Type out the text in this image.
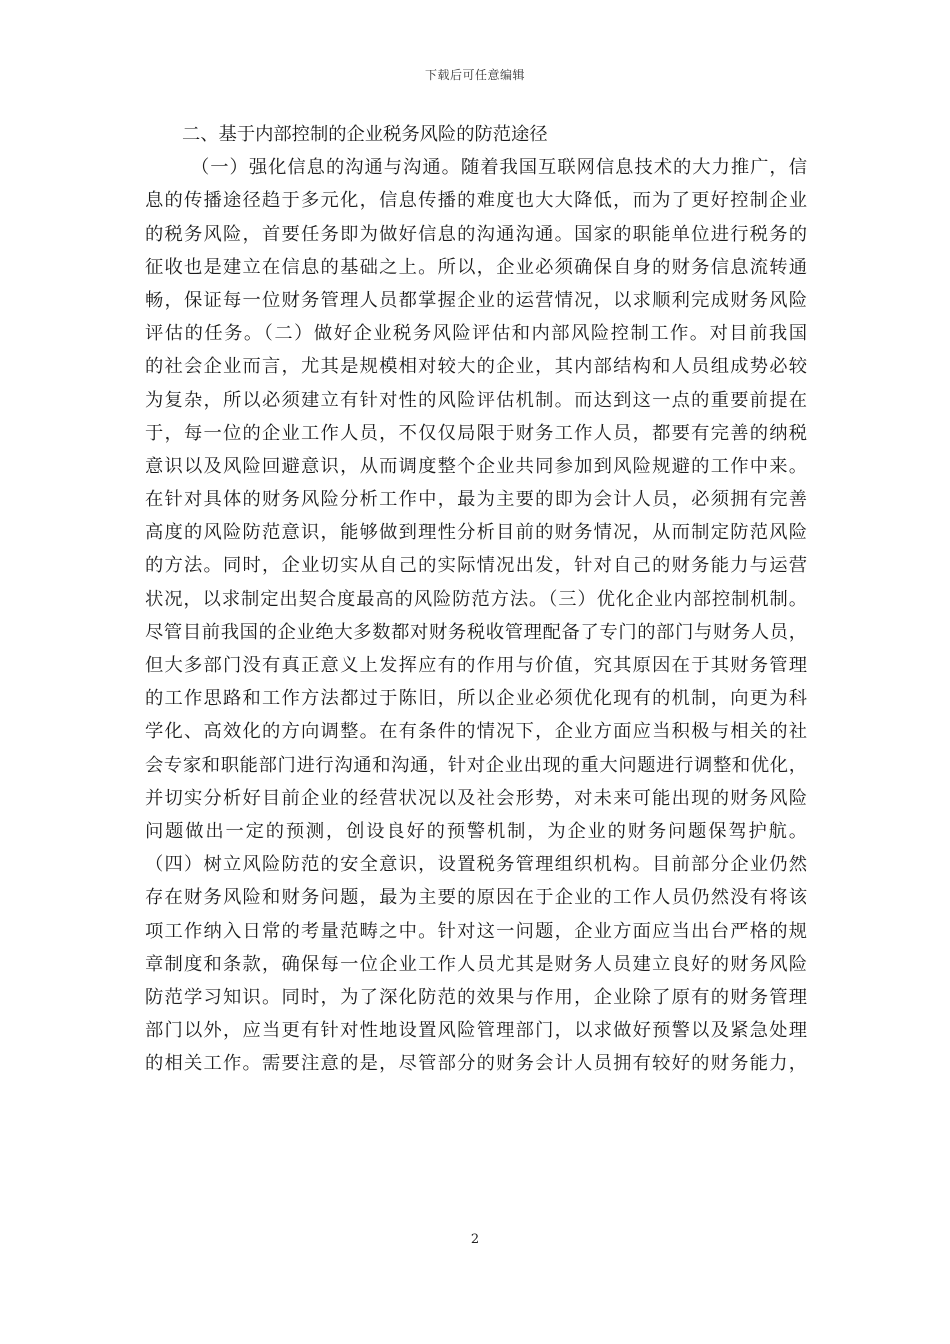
下载后可任意编辑
二、基于内部控制的企业税务风险的防范途径
（一）强化信息的沟通与沟通。随着我国互联网信息技术的大力推广，信
息的传播途径趋于多元化，信息传播的难度也大大降低，而为了更好控制企业
的税务风险，首要任务即为做好信息的沟通沟通。国家的职能单位进行税务的
征收也是建立在信息的基础之上。所以，企业必须确保自身的财务信息流转通
畅，保证每一位财务管理人员都掌握企业的运营情况，以求顺利完成财务风险
评估的任务。（二）做好企业税务风险评估和内部风险控制工作。对目前我国
的社会企业而言，尤其是规模相对较大的企业，其内部结构和人员组成势必较
为复杂，所以必须建立有针对性的风险评估机制。而达到这一点的重要前提在
于，每一位的企业工作人员，不仅仅局限于财务工作人员，都要有完善的纳税
意识以及风险回避意识，从而调度整个企业共同参加到风险规避的工作中来。
在针对具体的财务风险分析工作中，最为主要的即为会计人员，必须拥有完善
高度的风险防范意识，能够做到理性分析目前的财务情况，从而制定防范风险
的方法。同时，企业切实从自己的实际情况出发，针对自己的财务能力与运营
状况，以求制定出契合度最高的风险防范方法。（三）优化企业内部控制机制。
尽管目前我国的企业绝大多数都对财务税收管理配备了专门的部门与财务人员，
但大多部门没有真正意义上发挥应有的作用与价值，究其原因在于其财务管理
的工作思路和工作方法都过于陈旧，所以企业必须优化现有的机制，向更为科
学化、高效化的方向调整。在有条件的情况下，企业方面应当积极与相关的社
会专家和职能部门进行沟通和沟通，针对企业出现的重大问题进行调整和优化，
并切实分析好目前企业的经营状况以及社会形势，对未来可能出现的财务风险
问题做出一定的预测，创设良好的预警机制，为企业的财务问题保驾护航。
（四）树立风险防范的安全意识，设置税务管理组织机构。目前部分企业仍然
存在财务风险和财务问题，最为主要的原因在于企业的工作人员仍然没有将该
项工作纳入日常的考量范畴之中。针对这一问题，企业方面应当出台严格的规
章制度和条款，确保每一位企业工作人员尤其是财务人员建立良好的财务风险
防范学习知识。同时，为了深化防范的效果与作用，企业除了原有的财务管理
部门以外，应当更有针对性地设置风险管理部门，以求做好预警以及紧急处理
的相关工作。需要注意的是，尽管部分的财务会计人员拥有较好的财务能力，
2
